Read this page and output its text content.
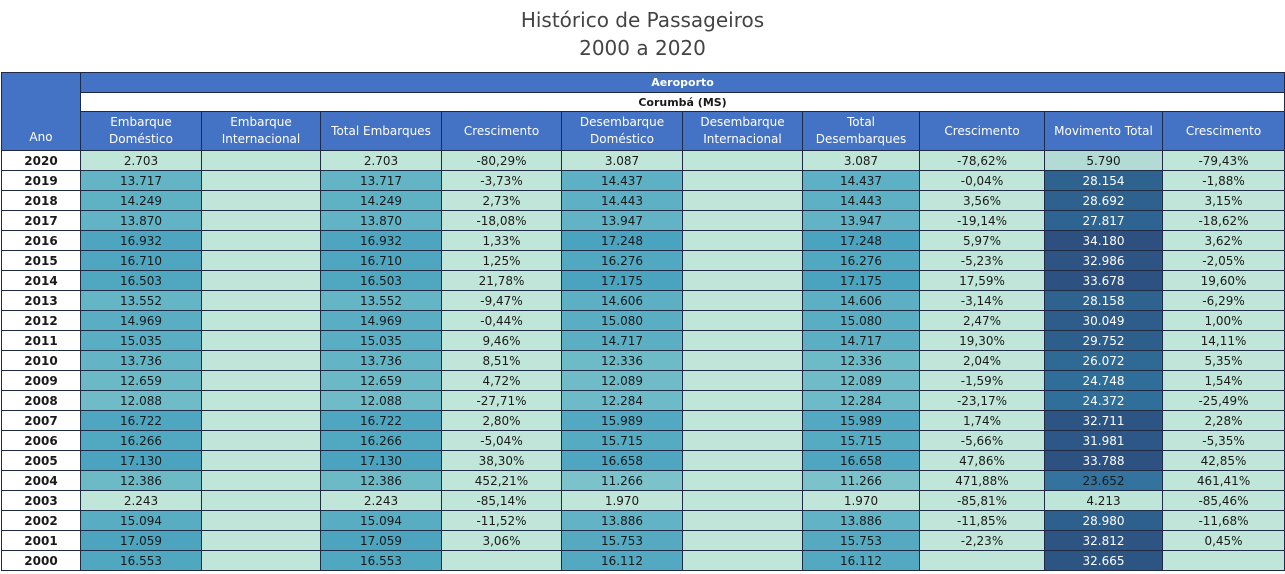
Histórico de Passageiros
2000 a 2020
Ano	Aeroporto									
	Corumbá (MS)									
	Embarque Doméstico	Embarque Internacional	Total Embarques	Crescimento	Desembarque Doméstico	Desembarque Internacional	Total Desembarques	Crescimento	Movimento Total	Crescimento
2020	2.703		2.703	-80,29%	3.087		3.087	-78,62%	5.790	-79,43%
2019	13.717		13.717	-3,73%	14.437		14.437	-0,04%	28.154	-1,88%
2018	14.249		14.249	2,73%	14.443		14.443	3,56%	28.692	3,15%
2017	13.870		13.870	-18,08%	13.947		13.947	-19,14%	27.817	-18,62%
2016	16.932		16.932	1,33%	17.248		17.248	5,97%	34.180	3,62%
2015	16.710		16.710	1,25%	16.276		16.276	-5,23%	32.986	-2,05%
2014	16.503		16.503	21,78%	17.175		17.175	17,59%	33.678	19,60%
2013	13.552		13.552	-9,47%	14.606		14.606	-3,14%	28.158	-6,29%
2012	14.969		14.969	-0,44%	15.080		15.080	2,47%	30.049	1,00%
2011	15.035		15.035	9,46%	14.717		14.717	19,30%	29.752	14,11%
2010	13.736		13.736	8,51%	12.336		12.336	2,04%	26.072	5,35%
2009	12.659		12.659	4,72%	12.089		12.089	-1,59%	24.748	1,54%
2008	12.088		12.088	-27,71%	12.284		12.284	-23,17%	24.372	-25,49%
2007	16.722		16.722	2,80%	15.989		15.989	1,74%	32.711	2,28%
2006	16.266		16.266	-5,04%	15.715		15.715	-5,66%	31.981	-5,35%
2005	17.130		17.130	38,30%	16.658		16.658	47,86%	33.788	42,85%
2004	12.386		12.386	452,21%	11.266		11.266	471,88%	23.652	461,41%
2003	2.243		2.243	-85,14%	1.970		1.970	-85,81%	4.213	-85,46%
2002	15.094		15.094	-11,52%	13.886		13.886	-11,85%	28.980	-11,68%
2001	17.059		17.059	3,06%	15.753		15.753	-2,23%	32.812	0,45%
2000	16.553		16.553		16.112		16.112		32.665	
